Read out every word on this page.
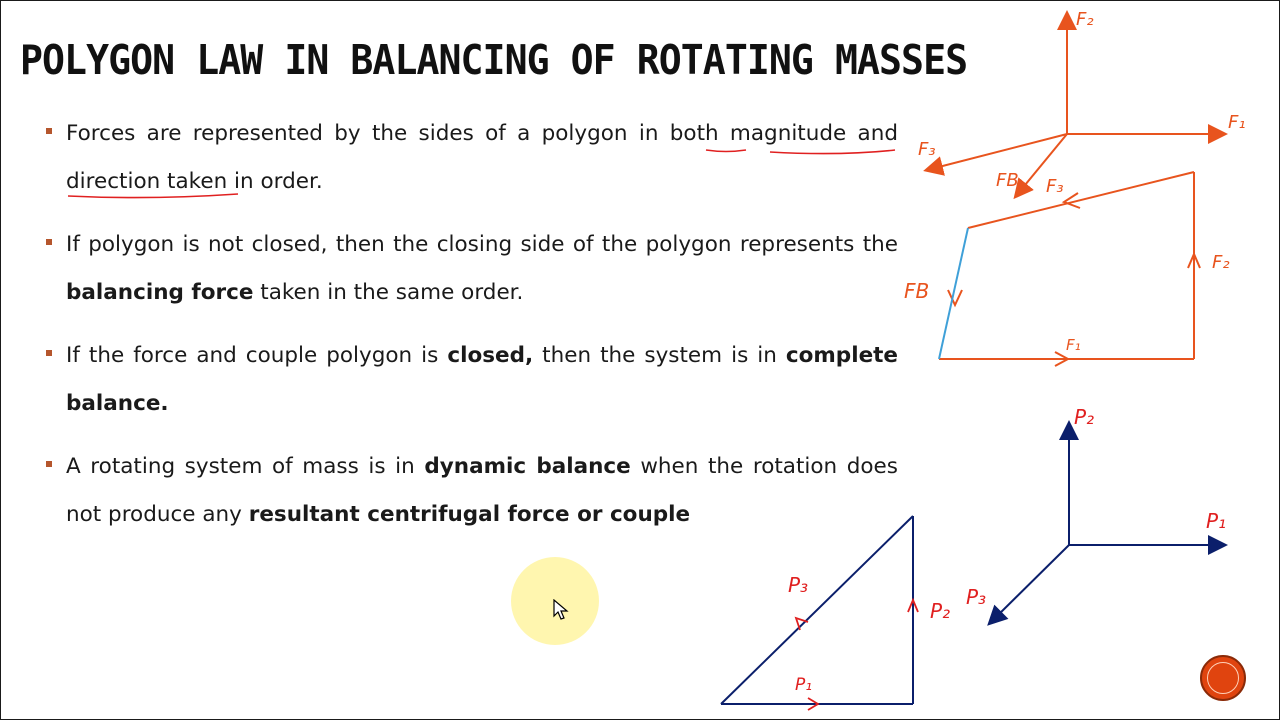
POLYGON LAW IN BALANCING OF ROTATING MASSES
Forces are represented by the sides of a polygon in both magnitude and direction taken in order.
If polygon is not closed, then the closing side of the polygon represents the balancing force taken in the same order.
If the force and couple polygon is closed, then the system is in complete balance.
A rotating system of mass is in dynamic balance when the rotation does not produce any resultant centrifugal force or couple
F₂
F₁
F₃
FB F₃
F₂
FB
F₁
P₂
P₁
P₃
P₃
P₂
P₁
